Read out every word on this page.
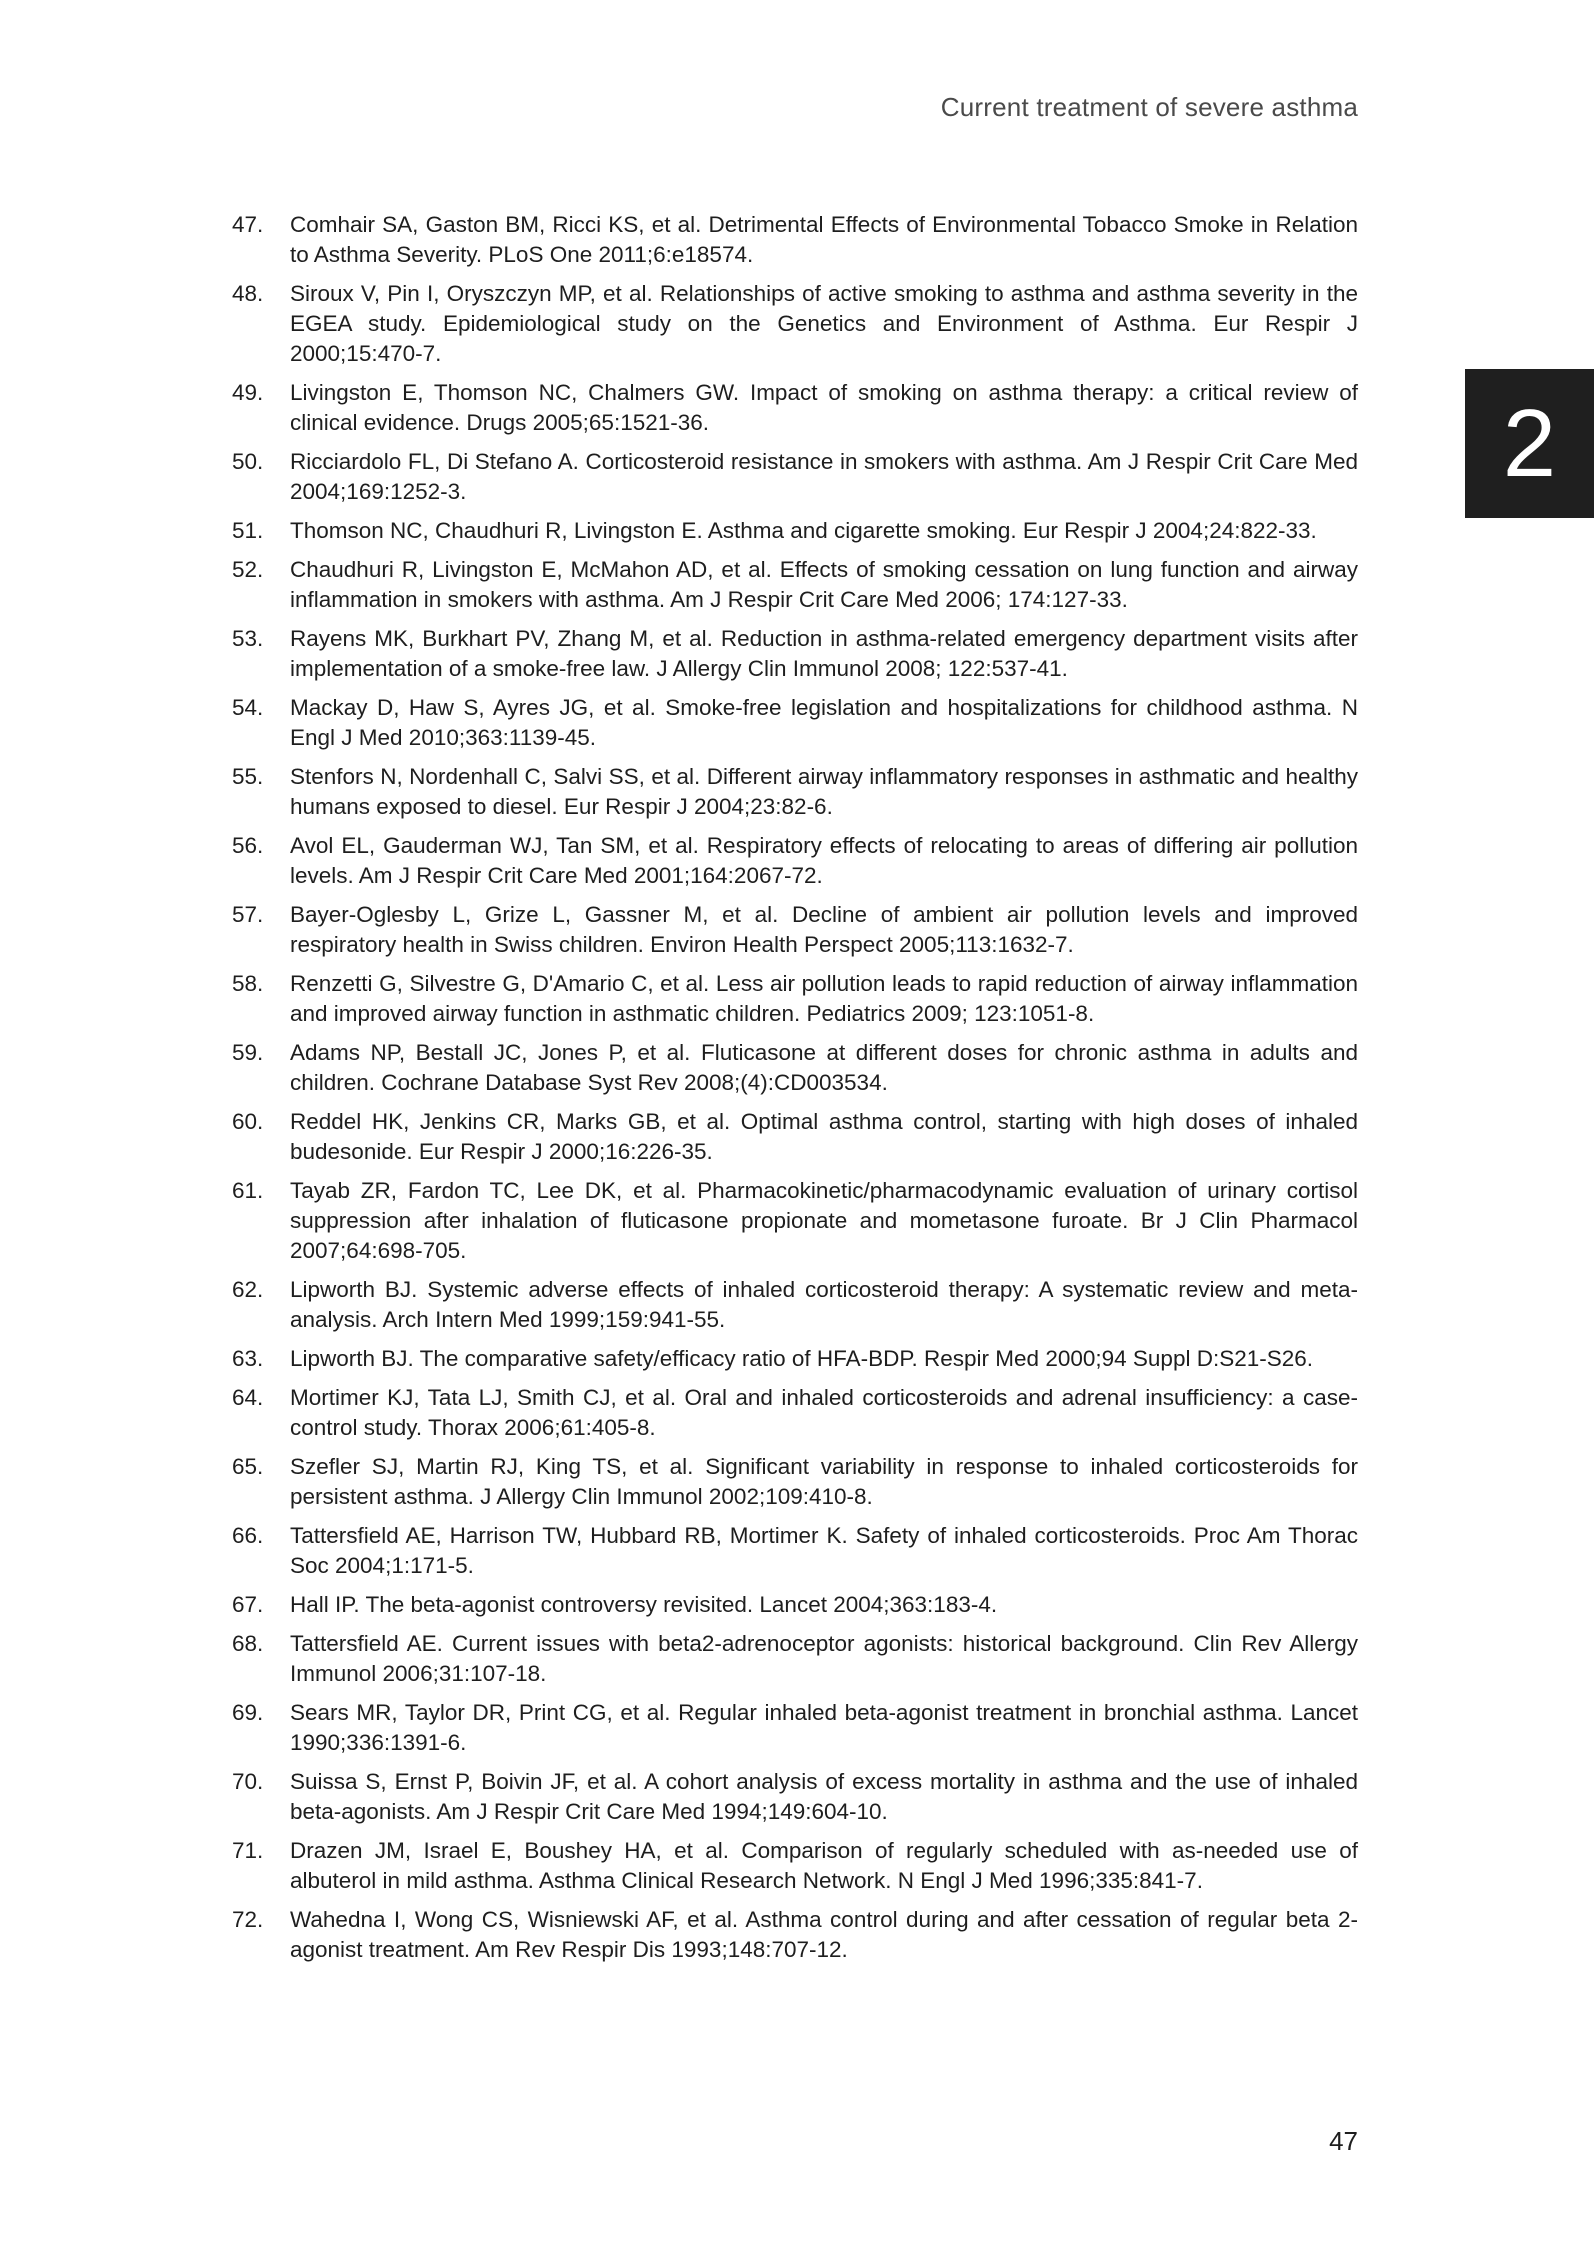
Current treatment of severe asthma
2
47.	Comhair SA, Gaston BM, Ricci KS, et al. Detrimental Effects of Environmental Tobacco Smoke in Relation to Asthma Severity. PLoS One 2011;6:e18574.
48.	Siroux V, Pin I, Oryszczyn MP, et al. Relationships of active smoking to asthma and asthma severity in the EGEA study. Epidemiological study on the Genetics and Environment of Asthma. Eur Respir J 2000;15:470-7.
49.	Livingston E, Thomson NC, Chalmers GW. Impact of smoking on asthma therapy: a critical review of clinical evidence. Drugs 2005;65:1521-36.
50.	Ricciardolo FL, Di Stefano A. Corticosteroid resistance in smokers with asthma. Am J Respir Crit Care Med 2004;169:1252-3.
51.	Thomson NC, Chaudhuri R, Livingston E. Asthma and cigarette smoking. Eur Respir J 2004;24:822-33.
52.	Chaudhuri R, Livingston E, McMahon AD, et al. Effects of smoking cessation on lung function and airway inflammation in smokers with asthma. Am J Respir Crit Care Med 2006; 174:127-33.
53.	Rayens MK, Burkhart PV, Zhang M, et al. Reduction in asthma-related emergency department visits after implementation of a smoke-free law. J Allergy Clin Immunol 2008; 122:537-41.
54.	Mackay D, Haw S, Ayres JG, et al. Smoke-free legislation and hospitalizations for childhood asthma. N Engl J Med 2010;363:1139-45.
55.	Stenfors N, Nordenhall C, Salvi SS, et al. Different airway inflammatory responses in asthmatic and healthy humans exposed to diesel. Eur Respir J 2004;23:82-6.
56.	Avol EL, Gauderman WJ, Tan SM, et al. Respiratory effects of relocating to areas of differing air pollution levels. Am J Respir Crit Care Med 2001;164:2067-72.
57.	Bayer-Oglesby L, Grize L, Gassner M, et al. Decline of ambient air pollution levels and improved respiratory health in Swiss children. Environ Health Perspect 2005;113:1632-7.
58.	Renzetti G, Silvestre G, D'Amario C, et al. Less air pollution leads to rapid reduction of airway inflammation and improved airway function in asthmatic children. Pediatrics 2009; 123:1051-8.
59.	Adams NP, Bestall JC, Jones P, et al. Fluticasone at different doses for chronic asthma in adults and children. Cochrane Database Syst Rev 2008;(4):CD003534.
60.	Reddel HK, Jenkins CR, Marks GB, et al. Optimal asthma control, starting with high doses of inhaled budesonide. Eur Respir J 2000;16:226-35.
61.	Tayab ZR, Fardon TC, Lee DK, et al. Pharmacokinetic/pharmacodynamic evaluation of urinary cortisol suppression after inhalation of fluticasone propionate and mometasone furoate. Br J Clin Pharmacol 2007;64:698-705.
62.	Lipworth BJ. Systemic adverse effects of inhaled corticosteroid therapy: A systematic review and meta-analysis. Arch Intern Med 1999;159:941-55.
63.	Lipworth BJ. The comparative safety/efficacy ratio of HFA-BDP. Respir Med 2000;94 Suppl D:S21-S26.
64.	Mortimer KJ, Tata LJ, Smith CJ, et al. Oral and inhaled corticosteroids and adrenal insufficiency: a case-control study. Thorax 2006;61:405-8.
65.	Szefler SJ, Martin RJ, King TS, et al. Significant variability in response to inhaled corticosteroids for persistent asthma. J Allergy Clin Immunol 2002;109:410-8.
66.	Tattersfield AE, Harrison TW, Hubbard RB, Mortimer K. Safety of inhaled corticosteroids. Proc Am Thorac Soc 2004;1:171-5.
67.	Hall IP. The beta-agonist controversy revisited. Lancet 2004;363:183-4.
68.	Tattersfield AE. Current issues with beta2-adrenoceptor agonists: historical background. Clin Rev Allergy Immunol 2006;31:107-18.
69.	Sears MR, Taylor DR, Print CG, et al. Regular inhaled beta-agonist treatment in bronchial asthma. Lancet 1990;336:1391-6.
70.	Suissa S, Ernst P, Boivin JF, et al. A cohort analysis of excess mortality in asthma and the use of inhaled beta-agonists. Am J Respir Crit Care Med 1994;149:604-10.
71.	Drazen JM, Israel E, Boushey HA, et al. Comparison of regularly scheduled with as-needed use of albuterol in mild asthma. Asthma Clinical Research Network. N Engl J Med 1996;335:841-7.
72.	Wahedna I, Wong CS, Wisniewski AF, et al. Asthma control during and after cessation of regular beta 2-agonist treatment. Am Rev Respir Dis 1993;148:707-12.
47
